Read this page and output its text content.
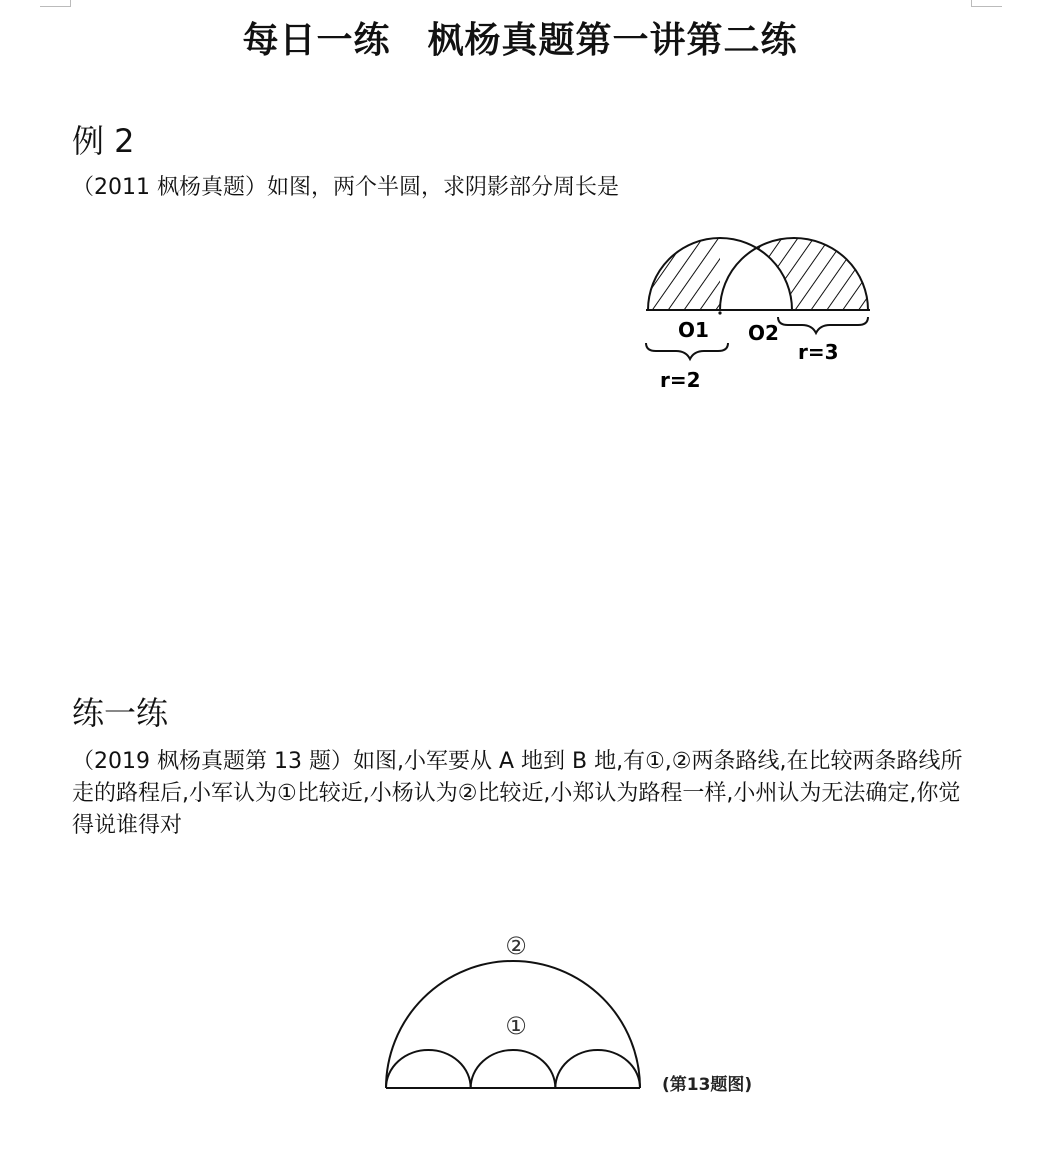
每日一练　枫杨真题第一讲第二练
例 2
（2011 枫杨真题）如图，两个半圆，求阴影部分周长是
O1 O2
r=2
r=3
练一练
（2019 枫杨真题第 13 题）如图,小军要从 A 地到 B 地,有①,②两条路线,在比较两条路线所走的路程后,小军认为①比较近,小杨认为②比较近,小郑认为路程一样,小州认为无法确定,你觉得说谁得对
②
①
(第13题图)
